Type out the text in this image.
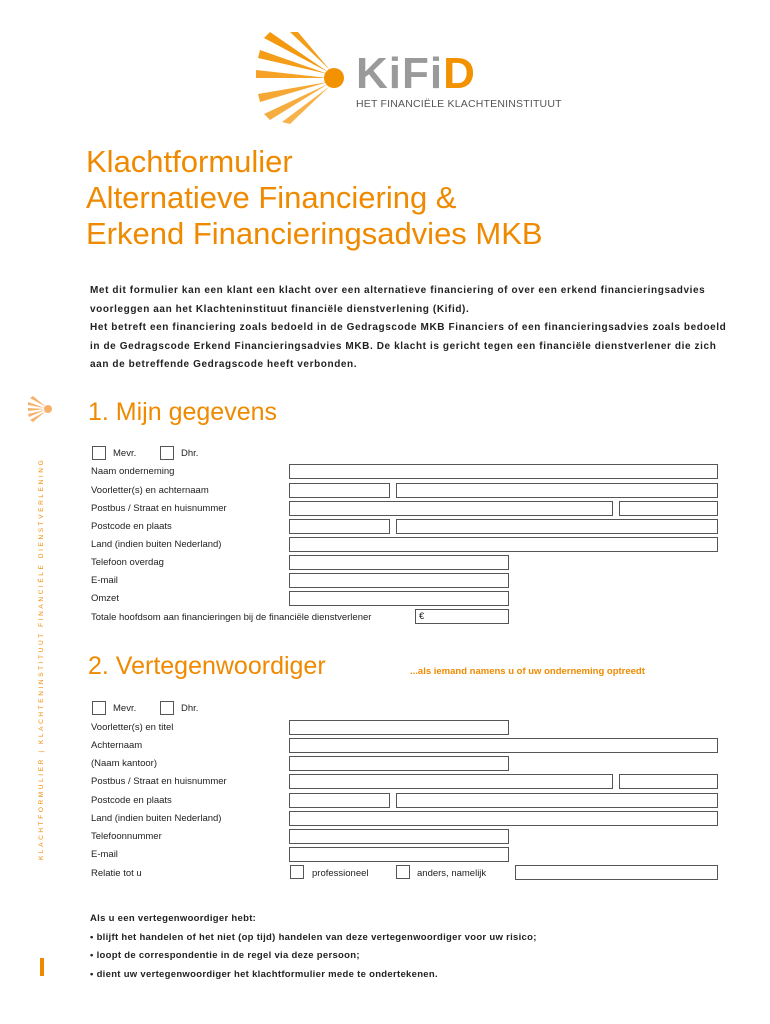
KiFiD
HET FINANCIËLE KLACHTENINSTITUUT
Klachtformulier
Alternatieve Financiering &
Erkend Financieringsadvies MKB

Met dit formulier kan een klant een klacht over een alternatieve financiering of over een erkend financieringsadvies voorleggen aan het Klachteninstituut financiële dienstverlening (Kifid).

Het betreft een financiering zoals bedoeld in de Gedragscode MKB Financiers of een financieringsadvies zoals bedoeld in de Gedragscode Erkend Financieringsadvies MKB. De klacht is gericht tegen een financiële dienstverlener die zich aan de betreffende Gedragscode heeft verbonden.

KLACHTFORMULIER | KLACHTENINSTITUUT FINANCIËLE DIENSTVERLENING
1. Mijn gegevens
Mevr.	Dhr.
Naam onderneming
Voorletter(s) en achternaam
Postbus / Straat en huisnummer
Postcode en plaats
Land (indien buiten Nederland)
Telefoon overdag
E-mail
Omzet
Totale hoofdsom aan financieringen bij de financiële dienstverlener	€
2. Vertegenwoordiger	...als iemand namens u of uw onderneming optreedt
Mevr.	Dhr.
Voorletter(s) en titel
Achternaam
(Naam kantoor)
Postbus / Straat en huisnummer
Postcode en plaats
Land (indien buiten Nederland)
Telefoonnummer
E-mail
Relatie tot u	professioneel	anders, namelijk

Als u een vertegenwoordiger hebt:

• blijft het handelen of het niet (op tijd) handelen van deze vertegenwoordiger voor uw risico;

• loopt de correspondentie in de regel via deze persoon;

• dient uw vertegenwoordiger het klachtformulier mede te ondertekenen.
